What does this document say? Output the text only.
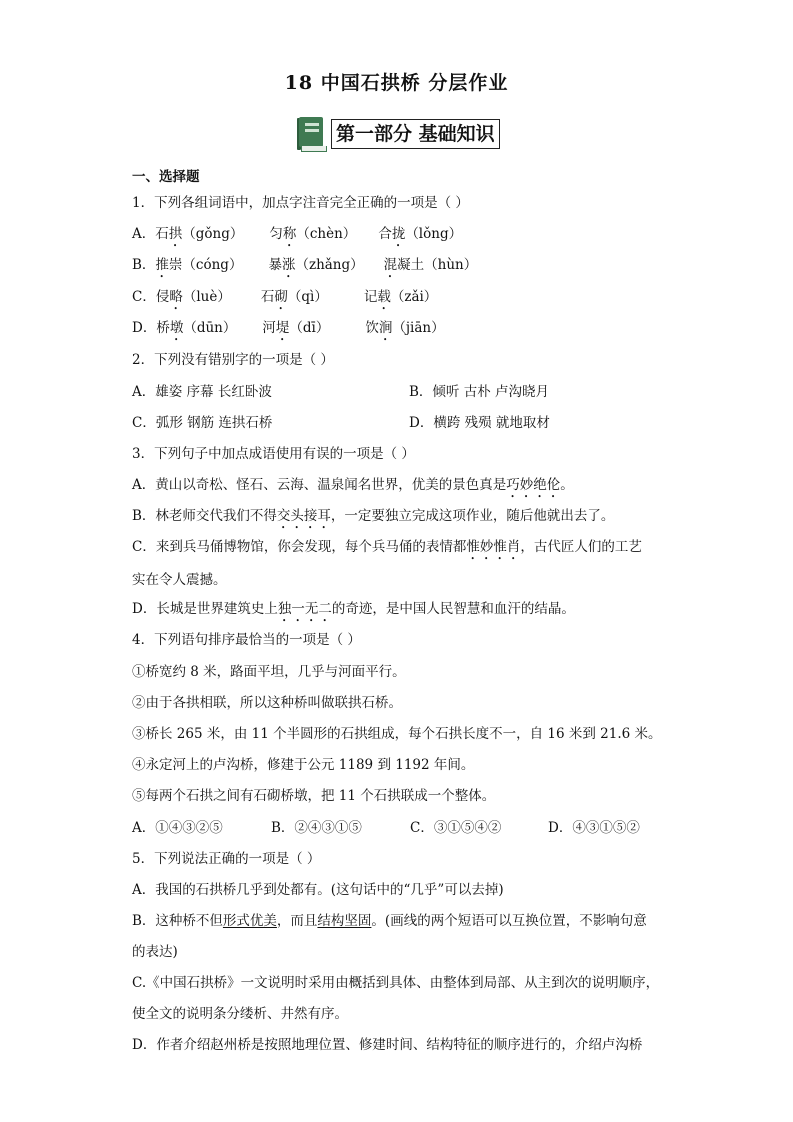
18 中国石拱桥 分层作业
第一部分 基础知识
一、选择题
1．下列各组词语中，加点字注音完全正确的一项是（ ）
A．石拱（gǒng） 匀称（chèn） 合拢（lǒng）
B．推崇（cóng） 暴涨（zhǎng） 混凝土（hùn）
C．侵略（luè） 石砌（qì）	记载（zǎi）
D．桥墩（dūn） 河堤（dī）	饮涧（jiān）
2．下列没有错别字的一项是（ ）
A．雄姿 序幕 长红卧波	B．倾听 古朴 卢沟晓月
C．弧形 钢筋 连拱石桥	D．横跨 残殒 就地取材
3．下列句子中加点成语使用有误的一项是（ ）
A．黄山以奇松、怪石、云海、温泉闻名世界，优美的景色真是巧妙绝伦。
B．林老师交代我们不得交头接耳，一定要独立完成这项作业，随后他就出去了。
C．来到兵马俑博物馆，你会发现，每个兵马俑的表情都惟妙惟肖，古代匠人们的工艺
实在令人震撼。
D．长城是世界建筑史上独一无二的奇迹，是中国人民智慧和血汗的结晶。
4．下列语句排序最恰当的一项是（ ）
①桥宽约 8 米，路面平坦，几乎与河面平行。
②由于各拱相联，所以这种桥叫做联拱石桥。
③桥长 265 米，由 11 个半圆形的石拱组成，每个石拱长度不一，自 16 米到 21.6 米。
④永定河上的卢沟桥，修建于公元 1189 到 1192 年间。
⑤每两个石拱之间有石砌桥墩，把 11 个石拱联成一个整体。
A．①④③②⑤	B．②④③①⑤	C．③①⑤④②	D．④③①⑤②
5．下列说法正确的一项是（ ）
A．我国的石拱桥几乎到处都有。(这句话中的“几乎”可以去掉)
B．这种桥不但形式优美，而且结构坚固。(画线的两个短语可以互换位置，不影响句意
的表达)
C.《中国石拱桥》一文说明时采用由概括到具体、由整体到局部、从主到次的说明顺序，
使全文的说明条分缕析、井然有序。
D．作者介绍赵州桥是按照地理位置、修建时间、结构特征的顺序进行的，介绍卢沟桥
